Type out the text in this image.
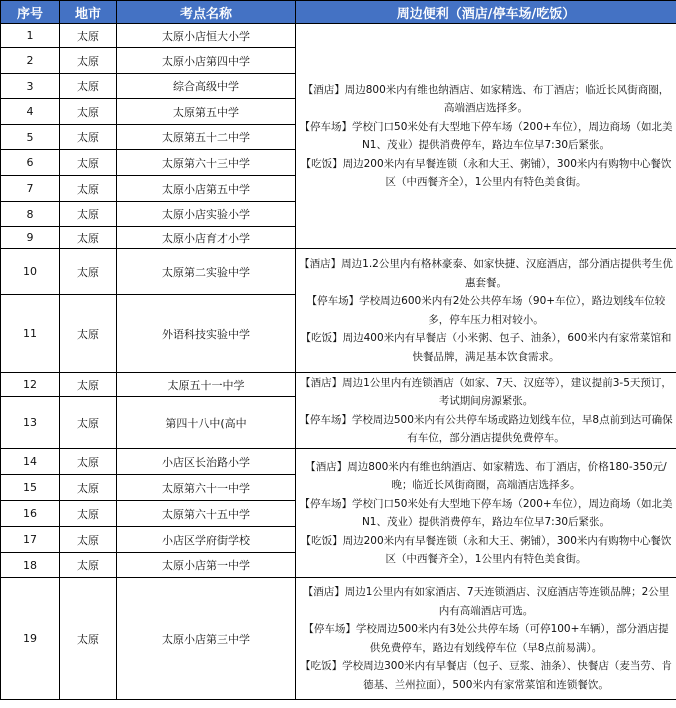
序号	地市	考点名称	周边便利（酒店/停车场/吃饭）
1	太原	太原小店恒大小学	【酒店】周边800米内有维也纳酒店、如家精选、布丁酒店；临近长风街商圈，高端酒店选择多。

【停车场】学校门口50米处有大型地下停车场（200+车位），周边商场（如北美N1、茂业）提供消费停车，路边车位早7:30后紧张。

【吃饭】周边200米内有早餐连锁（永和大王、粥铺），300米内有购物中心餐饮区（中西餐齐全），1公里内有特色美食街。

2	太原	太原小店第四中学	
3	太原	综合高级中学	
4	太原	太原第五中学	
5	太原	太原第五十二中学	
6	太原	太原第六十三中学	
7	太原	太原小店第五中学	
8	太原	太原小店实验小学	
9	太原	太原小店育才小学	
10	太原	太原第二实验中学	【酒店】周边1.2公里内有格林豪泰、如家快捷、汉庭酒店，部分酒店提供考生优惠套餐。

【停车场】学校周边600米内有2处公共停车场（90+车位），路边划线车位较多，停车压力相对较小。

【吃饭】周边400米内有早餐店（小米粥、包子、油条），600米内有家常菜馆和快餐品牌，满足基本饮食需求。

11	太原	外语科技实验中学	
12	太原	太原五十一中学	【酒店】周边1公里内有连锁酒店（如家、7天、汉庭等），建议提前3-5天预订，考试期间房源紧张。

【停车场】学校周边500米内有公共停车场或路边划线车位，早8点前到达可确保有车位，部分酒店提供免费停车。

13	太原	第四十八中(高中	
14	太原	小店区长治路小学	【酒店】周边800米内有维也纳酒店、如家精选、布丁酒店，价格180-350元/晚；临近长风街商圈，高端酒店选择多。

【停车场】学校门口50米处有大型地下停车场（200+车位），周边商场（如北美N1、茂业）提供消费停车，路边车位早7:30后紧张。

【吃饭】周边200米内有早餐连锁（永和大王、粥铺），300米内有购物中心餐饮区（中西餐齐全），1公里内有特色美食街。

15	太原	太原第六十一中学	
16	太原	太原第六十五中学	
17	太原	小店区学府街学校	
18	太原	太原小店第一中学	
19	太原	太原小店第三中学	【酒店】周边1公里内有如家酒店、7天连锁酒店、汉庭酒店等连锁品牌；2公里内有高端酒店可选。

【停车场】学校周边500米内有3处公共停车场（可停100+车辆），部分酒店提供免费停车，路边有划线停车位（早8点前易满）。

【吃饭】学校周边300米内有早餐店（包子、豆浆、油条）、快餐店（麦当劳、肯德基、兰州拉面），500米内有家常菜馆和连锁餐饮。
